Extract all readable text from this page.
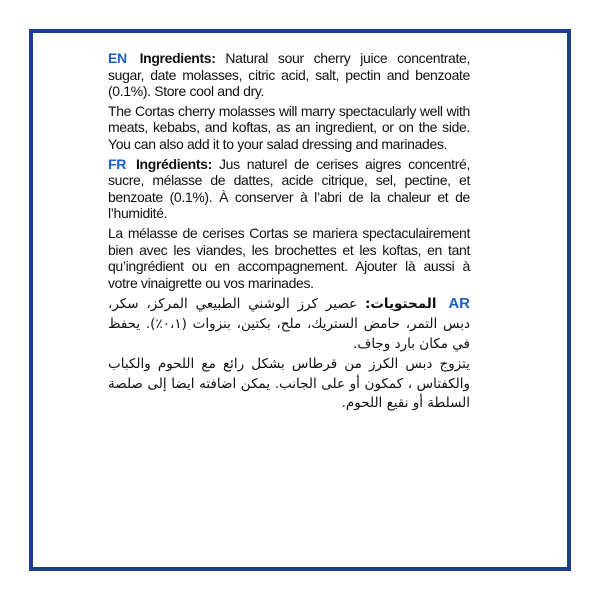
EN Ingredients: Natural sour cherry juice concentrate, sugar, date molasses, citric acid, salt, pectin and benzoate (0.1%). Store cool and dry.

The Cortas cherry molasses will marry spectacularly well with meats, kebabs, and koftas, as an ingredient, or on the side. You can also add it to your salad dressing and marinades.

FR Ingrédients: Jus naturel de cerises aigres concentré, sucre, mélasse de dattes, acide citrique, sel, pectine, et benzoate (0.1%). À conserver à l’abri de la chaleur et de l’humidité.

La mélasse de cerises Cortas se mariera spectaculairement bien avec les viandes, les brochettes et les koftas, en tant qu’ingrédient ou en accompagnement. Ajouter là aussi à votre vinaigrette ou vos marinades.

AR المحتويات: عصير كرز الوشني الطبيعي المركز، سكر، دبس التمر، حامض الستريك، ملح، بكتين، بنزوات (٠،١٪). يحفظ في مكان بارد وجاف.

يتزوج دبس الكرز من قرطاس بشكل رائع مع اللحوم والكباب والكفتاس ، كمكون أو على الجانب. يمكن اضافته ايضا إلى صلصة السلطة أو نقيع اللحوم.
